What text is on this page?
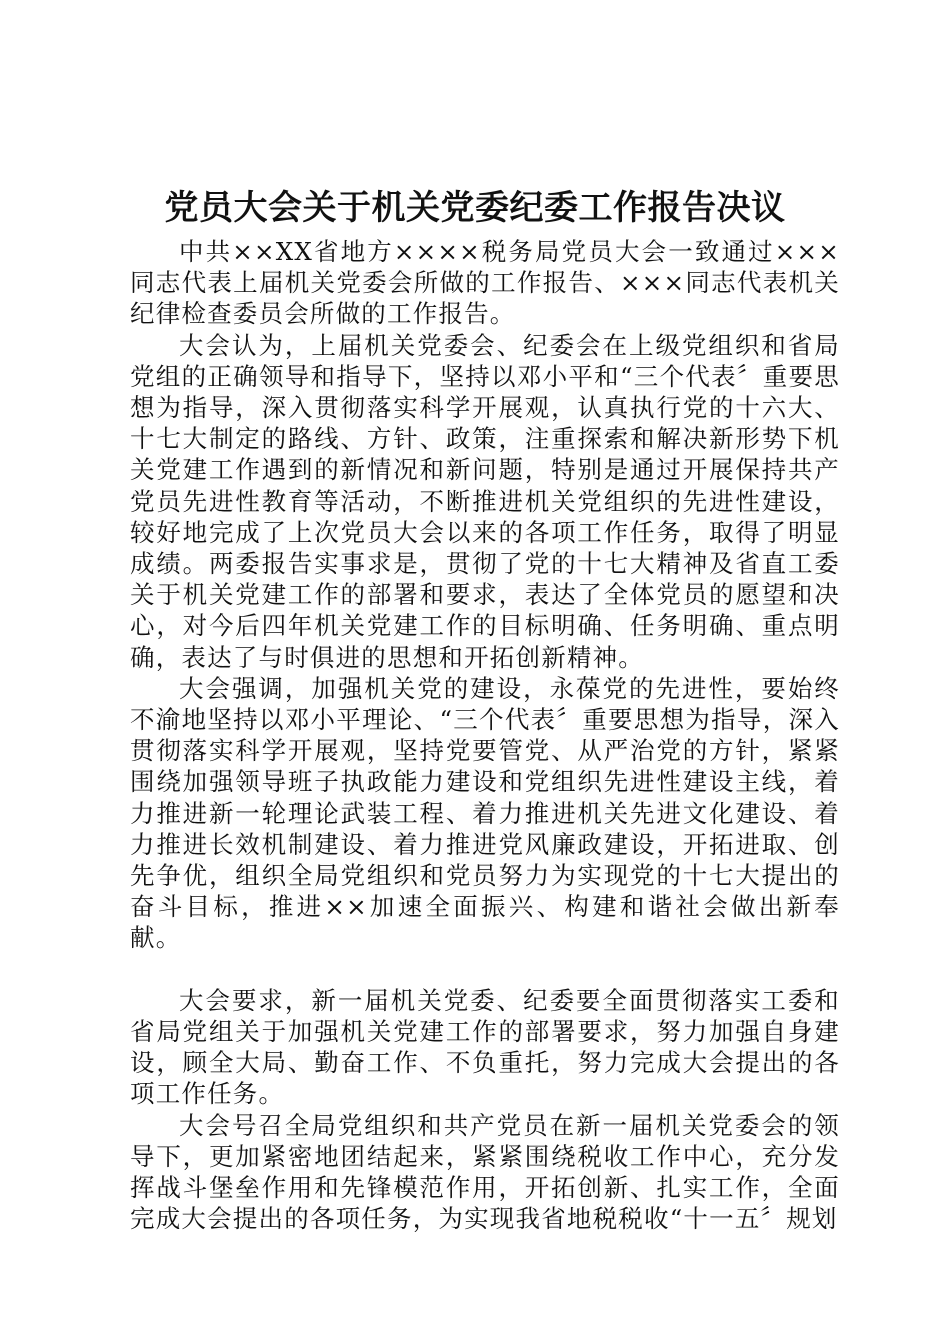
党员大会关于机关党委纪委工作报告决议

中共××XX省地方××××税务局党员大会一致通过×××同志代表上届机关党委会所做的工作报告、×××同志代表机关纪律检查委员会所做的工作报告。

大会认为，上届机关党委会、纪委会在上级党组织和省局党组的正确领导和指导下，坚持以邓小平和“三个代表〞重要思想为指导，深入贯彻落实科学开展观，认真执行党的十六大、十七大制定的路线、方针、政策，注重探索和解决新形势下机关党建工作遇到的新情况和新问题，特别是通过开展保持共产党员先进性教育等活动，不断推进机关党组织的先进性建设，较好地完成了上次党员大会以来的各项工作任务，取得了明显成绩。两委报告实事求是，贯彻了党的十七大精神及省直工委关于机关党建工作的部署和要求，表达了全体党员的愿望和决心，对今后四年机关党建工作的目标明确、任务明确、重点明确，表达了与时俱进的思想和开拓创新精神。

大会强调，加强机关党的建设，永葆党的先进性，要始终不渝地坚持以邓小平理论、“三个代表〞重要思想为指导，深入贯彻落实科学开展观，坚持党要管党、从严治党的方针，紧紧围绕加强领导班子执政能力建设和党组织先进性建设主线，着力推进新一轮理论武装工程、着力推进机关先进文化建设、着力推进长效机制建设、着力推进党风廉政建设，开拓进取、创先争优，组织全局党组织和党员努力为实现党的十七大提出的奋斗目标，推进××加速全面振兴、构建和谐社会做出新奉献。

大会要求，新一届机关党委、纪委要全面贯彻落实工委和省局党组关于加强机关党建工作的部署要求，努力加强自身建设，顾全大局、勤奋工作、不负重托，努力完成大会提出的各项工作任务。

大会号召全局党组织和共产党员在新一届机关党委会的领导下，更加紧密地团结起来，紧紧围绕税收工作中心，充分发挥战斗堡垒作用和先锋模范作用，开拓创新、扎实工作，全面完成大会提出的各项任务，为实现我省地税税收“十一五〞规划
